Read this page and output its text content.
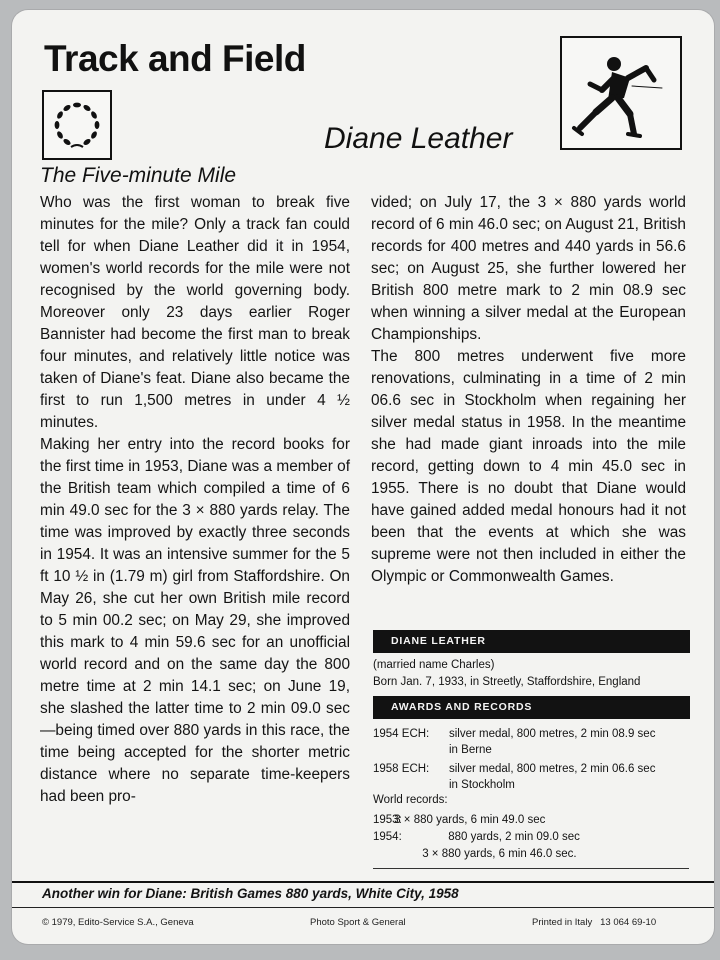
Track and Field
Diane Leather
The Five-minute Mile

Who was the first woman to break five minutes for the mile? Only a track fan could tell for when Diane Leather did it in 1954, women's world records for the mile were not recognised by the world governing body. Moreover only 23 days earlier Roger Bannister had become the first man to break four minutes, and relatively little notice was taken of Diane's feat. Diane also became the first to run 1,500 metres in under 4 ½ minutes.

Making her entry into the record books for the first time in 1953, Diane was a member of the British team which compiled a time of 6 min 49.0 sec for the 3 × 880 yards relay. The time was improved by exactly three seconds in 1954. It was an intensive summer for the 5 ft 10 ½ in (1.79 m) girl from Staffordshire. On May 26, she cut her own British mile record to 5 min 00.2 sec; on May 29, she improved this mark to 4 min 59.6 sec for an unofficial world record and on the same day the 800 metre time at 2 min 14.1 sec; on June 19, she slashed the latter time to 2 min 09.0 sec—being timed over 880 yards in this race, the time being accepted for the shorter metric distance where no separate time-keepers had been pro-

vided; on July 17, the 3 × 880 yards world record of 6 min 46.0 sec; on August 21, British records for 400 metres and 440 yards in 56.6 sec; on August 25, she further lowered her British 800 metre mark to 2 min 08.9 sec when winning a silver medal at the European Championships.

The 800 metres underwent five more renovations, culminating in a time of 2 min 06.6 sec in Stockholm when regaining her silver medal status in 1958. In the meantime she had made giant inroads into the mile record, getting down to 4 min 45.0 sec in 1955. There is no doubt that Diane would have gained added medal honours had it not been that the events at which she was supreme were not then included in either the Olympic or Commonwealth Games.

DIANE LEATHER
(married name Charles)
Born Jan. 7, 1933, in Streetly, Staffordshire, England
AWARDS AND RECORDS
1954 ECH: silver medal, 800 metres, 2 min 08.9 sec
in Berne
1958 ECH: silver medal, 800 metres, 2 min 06.6 sec
in Stockholm
World records:
1953: 3 × 880 yards, 6 min 49.0 sec
1954:	880 yards, 2 min 09.0 sec
3 × 880 yards, 6 min 46.0 sec.
Another win for Diane: British Games 880 yards, White City, 1958
© 1979, Edito-Service S.A., Geneva	Photo Sport & General	Printed in Italy 13 064 69-10
